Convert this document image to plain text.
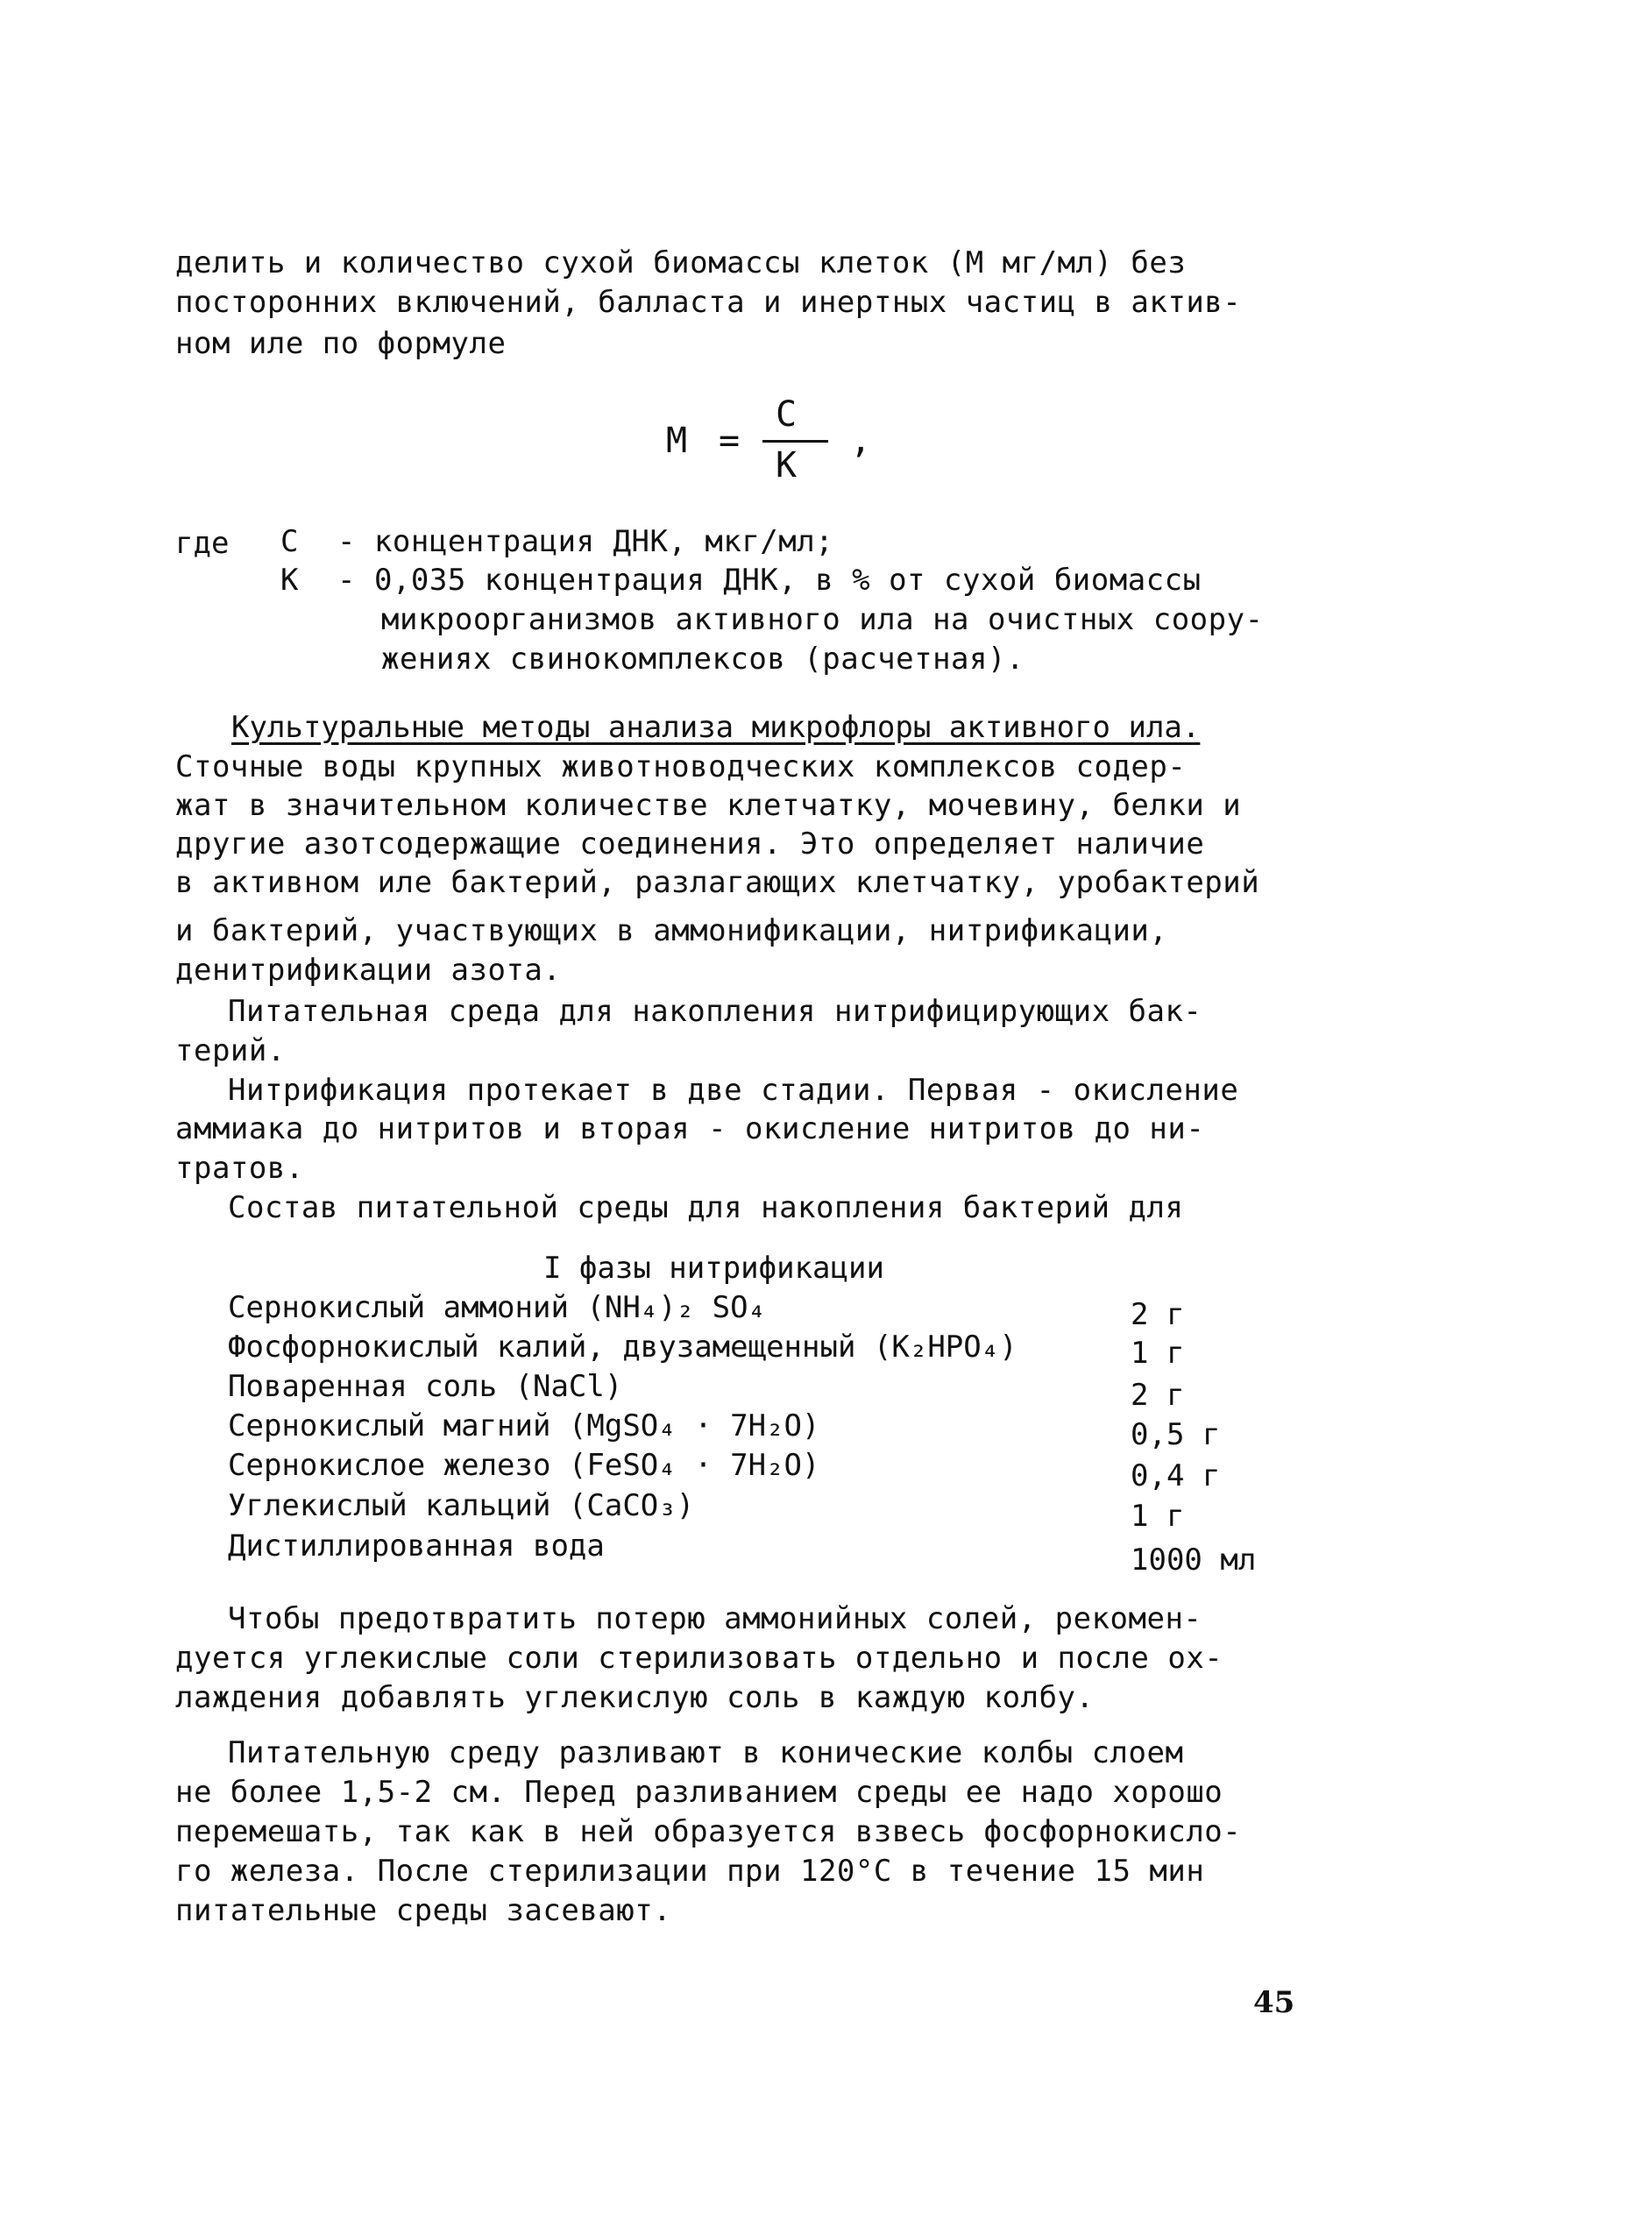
делить и количество сухой биомассы клеток (М мг/мл) без
посторонних включений, балласта и инертных частиц в актив-
ном иле по формуле
М =
С
К
,
где С - концентрация ДНК, мкг/мл;
К - 0,035 концентрация ДНК, в % от сухой биомассы
микроорганизмов активного ила на очистных соору-
жениях свинокомплексов (расчетная).
Культуральные методы анализа микрофлоры активного ила.
Сточные воды крупных животноводческих комплексов содер-
жат в значительном количестве клетчатку, мочевину, белки и
другие азотсодержащие соединения. Это определяет наличие
в активном иле бактерий, разлагающих клетчатку, уробактерий
и бактерий, участвующих в аммонификации, нитрификации,
денитрификации азота.
Питательная среда для накопления нитрифицирующих бак-
терий.
Нитрификация протекает в две стадии. Первая - окисление
аммиака до нитритов и вторая - окисление нитритов до ни-
тратов.
Состав питательной среды для накопления бактерий для
I фазы нитрификации
Сернокислый аммоний (NH₄)₂ SO₄	2 г
Фосфорнокислый калий, двузамещенный (K₂HPO₄)	1 г
Поваренная соль (NaCl)	2 г
Сернокислый магний (MgSO₄ · 7H₂O)	0,5 г
Сернокислое железо (FeSO₄ · 7H₂O)	0,4 г
Углекислый кальций (CaCO₃)	1 г
Дистиллированная вода	1000 мл
Чтобы предотвратить потерю аммонийных солей, рекомен-
дуется углекислые соли стерилизовать отдельно и после ох-
лаждения добавлять углекислую соль в каждую колбу.
Питательную среду разливают в конические колбы слоем
не более 1,5-2 см. Перед разливанием среды ее надо хорошо
перемешать, так как в ней образуется взвесь фосфорнокисло-
го железа. После стерилизации при 120°С в течение 15 мин
питательные среды засевают.
45
